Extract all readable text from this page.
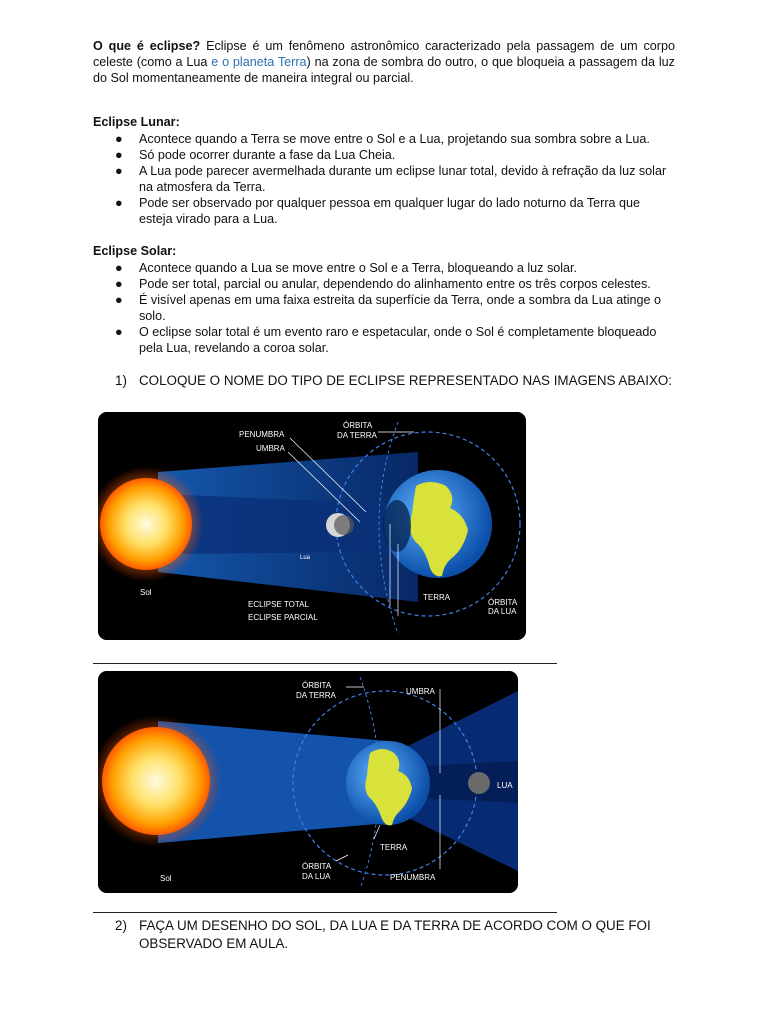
O que é eclipse? Eclipse é um fenômeno astronômico caracterizado pela passagem de um corpo celeste (como a Lua e o planeta Terra) na zona de sombra do outro, o que bloqueia a passagem da luz do Sol momentaneamente de maneira integral ou parcial.
Eclipse Lunar:
● Acontece quando a Terra se move entre o Sol e a Lua, projetando sua sombra sobre a Lua.
● Só pode ocorrer durante a fase da Lua Cheia.
● A Lua pode parecer avermelhada durante um eclipse lunar total, devido à refração da luz solar na atmosfera da Terra.
● Pode ser observado por qualquer pessoa em qualquer lugar do lado noturno da Terra que esteja virado para a Lua.
Eclipse Solar:
● Acontece quando a Lua se move entre o Sol e a Terra, bloqueando a luz solar.
● Pode ser total, parcial ou anular, dependendo do alinhamento entre os três corpos celestes.
● É visível apenas em uma faixa estreita da superfície da Terra, onde a sombra da Lua atinge o solo.
● O eclipse solar total é um evento raro e espetacular, onde o Sol é completamente bloqueado pela Lua, revelando a coroa solar.
1) COLOQUE O NOME DO TIPO DE ECLIPSE REPRESENTADO NAS IMAGENS ABAIXO:
PENUMBRA
UMBRA
ÓRBITA
DA TERRA
Lua
Sol
ECLIPSE TOTAL
ECLIPSE PARCIAL
TERRA
ÓRBITA
DA LUA
ÓRBITA
DA TERRA	UMBRA
LUA
TERRA
ÓRBITA
DA LUA
Sol	PENUMBRA
2) FAÇA UM DESENHO DO SOL, DA LUA E DA TERRA DE ACORDO COM O QUE FOI OBSERVADO EM AULA.
